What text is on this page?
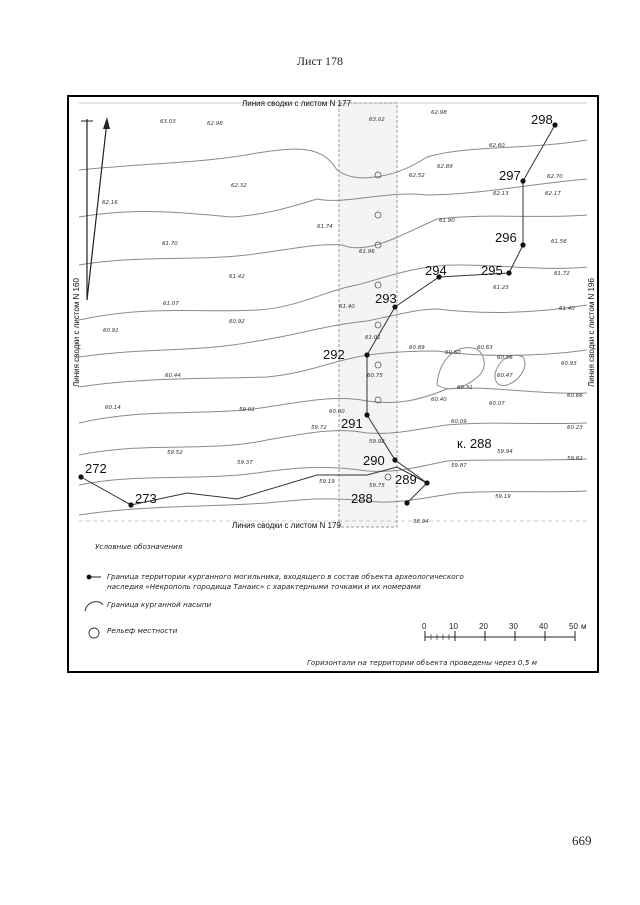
Лист 178
298
297
296
295
294
293
292
291
290
289
288
272
273
к. 288
63.03	62.98
63.02
62.98
62.60
62.89
62.52	62.70
62.32
62.13	62.17
62.16
61.90
61.74
61.70
61.96
61.56
61.42	61.72
61.23
61.07	61.40	61.40
60.91
60.92
61.01
60.89	60.63
60.60
60.56
60.93
60.44	60.75	60.47
60.31
60.66
60.40
60.14	59.91	60.00
60.07
60.09
59.72	60.23
59.92
59.94
59.52
59.37
59.82
59.87
59.19
59.75
59.19
58.94
Линия сводки с листом N 177
Линия сводки с листом N 179
Линия сводки с листом N 160	Линия сводки с листом N 196
Условные обозначения
Граница территории курганного могильника, входящего в состав объекта археологического
наследия «Некрополь городища Танаис» с характерными точками и их номерами
Граница курганной насыпи
Рельеф местности	0	10	20	30	40	50 м
Горизонтали на территории объекта проведены через 0,5 м
669
